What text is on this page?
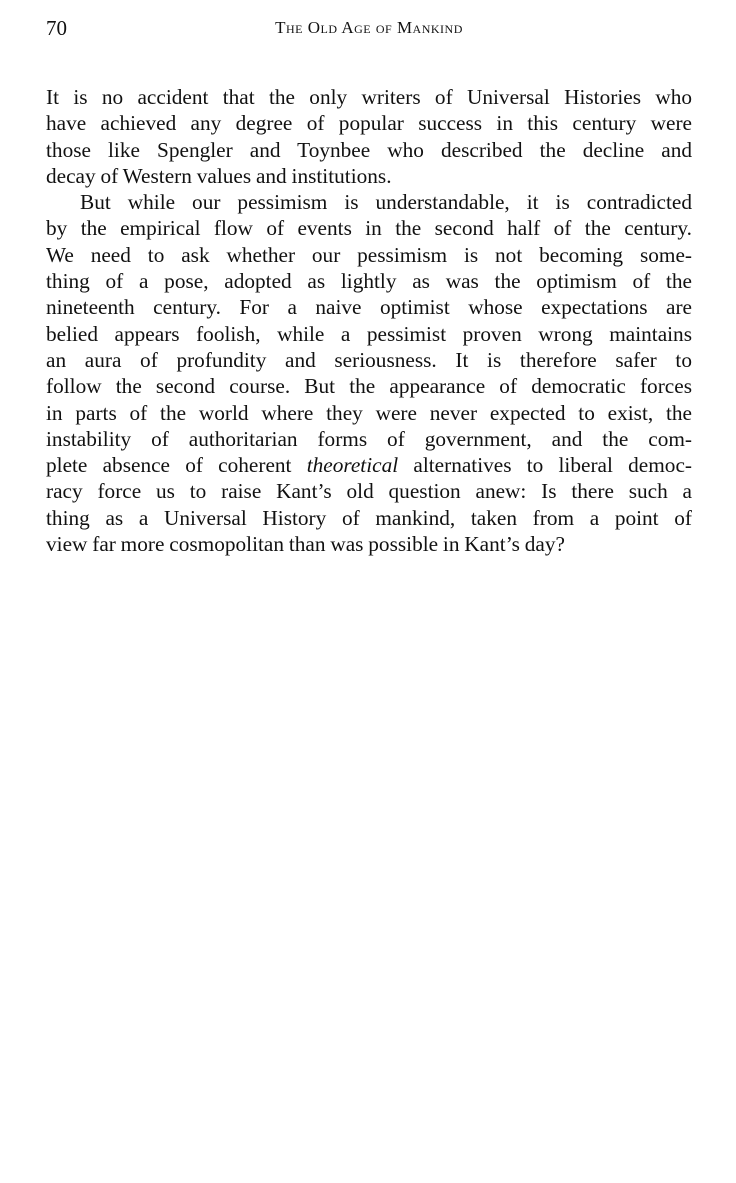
70	The Old Age of Mankind
It is no accident that the only writers of Universal Histories who
have achieved any degree of popular success in this century were
those like Spengler and Toynbee who described the decline and
decay of Western values and institutions.
But while our pessimism is understandable, it is contradicted
by the empirical flow of events in the second half of the century.
We need to ask whether our pessimism is not becoming some-
thing of a pose, adopted as lightly as was the optimism of the
nineteenth century. For a naive optimist whose expectations are
belied appears foolish, while a pessimist proven wrong maintains
an aura of profundity and seriousness. It is therefore safer to
follow the second course. But the appearance of democratic forces
in parts of the world where they were never expected to exist, the
instability of authoritarian forms of government, and the com-
plete absence of coherent theoretical alternatives to liberal democ-
racy force us to raise Kant’s old question anew: Is there such a
thing as a Universal History of mankind, taken from a point of
view far more cosmopolitan than was possible in Kant’s day?
